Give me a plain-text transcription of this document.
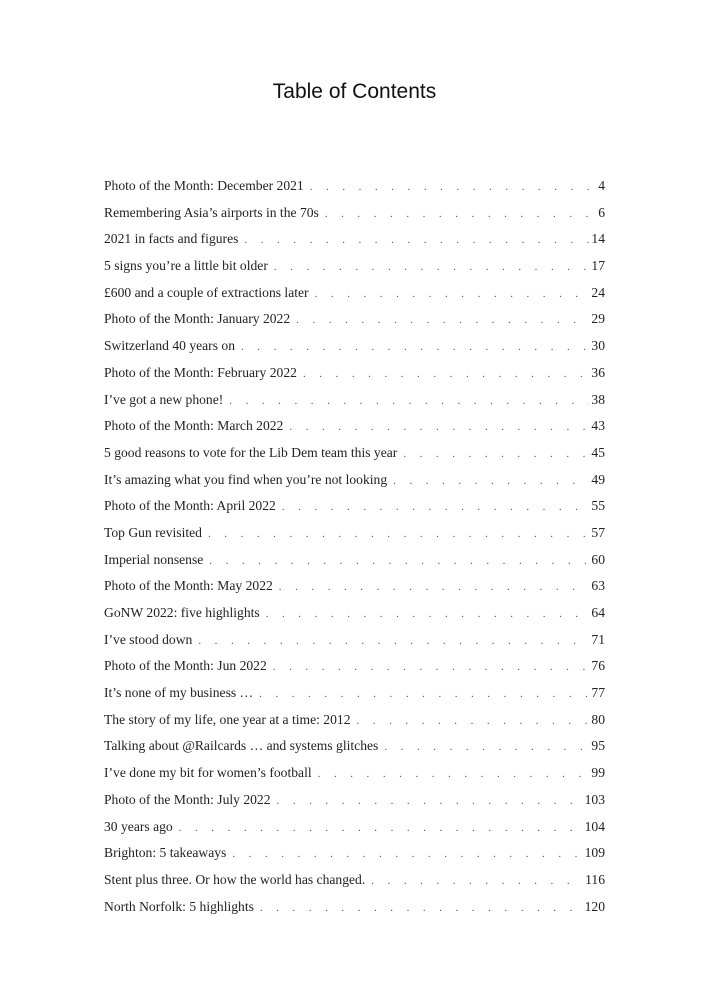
Table of Contents
Photo of the Month: December 2021 . . .	4
Remembering Asia’s airports in the 70s . . .	6
2021 in facts and figures . . .	14
5 signs you’re a little bit older . . .	17
£600 and a couple of extractions later . . .	24
Photo of the Month: January 2022 . . .	29
Switzerland 40 years on . . .	30
Photo of the Month: February 2022 . . .	36
I’ve got a new phone! . . .	38
Photo of the Month: March 2022 . . .	43
5 good reasons to vote for the Lib Dem team this year . . .	45
It’s amazing what you find when you’re not looking . . .	49
Photo of the Month: April 2022 . . .	55
Top Gun revisited . . .	57
Imperial nonsense . . .	60
Photo of the Month: May 2022 . . .	63
GoNW 2022: five highlights . . .	64
I’ve stood down . . .	71
Photo of the Month: Jun 2022 . . .	76
It’s none of my business … . . .	77
The story of my life, one year at a time: 2012 . . .	80
Talking about @Railcards … and systems glitches . . .	95
I’ve done my bit for women’s football . . .	99
Photo of the Month: July 2022 . . .	103
30 years ago . . .	104
Brighton: 5 takeaways . . .	109
Stent plus three. Or how the world has changed. . . .	116
North Norfolk: 5 highlights . . .	120
